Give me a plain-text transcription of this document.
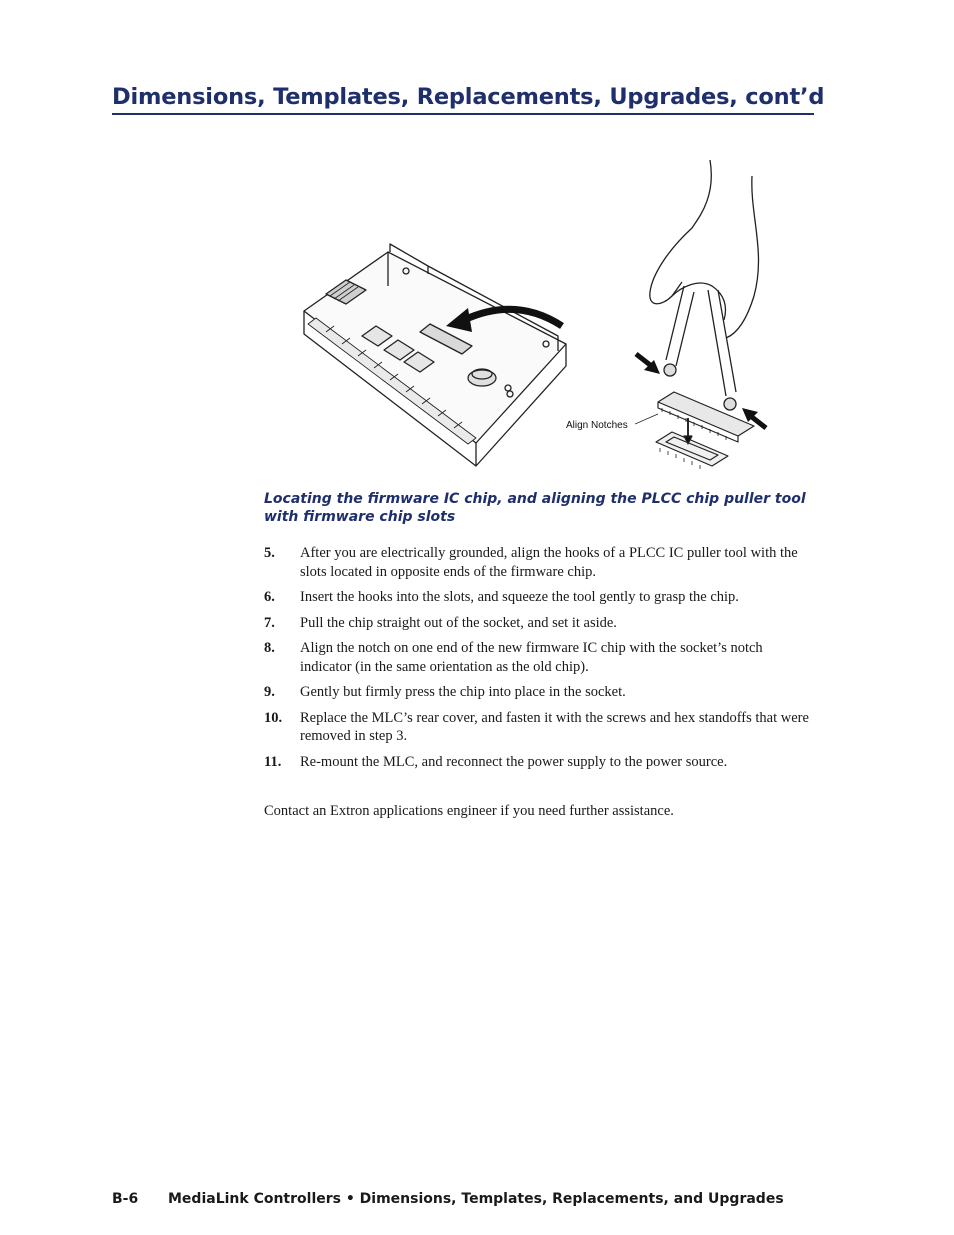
Dimensions, Templates, Replacements, Upgrades, cont’d
Align Notches
Locating the firmware IC chip, and aligning the PLCC chip puller tool with firmware chip slots
5.	After you are electrically grounded, align the hooks of a PLCC IC puller tool with the slots located in opposite ends of the firmware chip.
6.	Insert the hooks into the slots, and squeeze the tool gently to grasp the chip.
7.	Pull the chip straight out of the socket, and set it aside.
8.	Align the notch on one end of the new firmware IC chip with the socket’s notch indicator (in the same orientation as the old chip).
9.	Gently but firmly press the chip into place in the socket.
10.	Replace the MLC’s rear cover, and fasten it with the screws and hex standoffs that were removed in step 3.
11.	Re-mount the MLC, and reconnect the power supply to the power source.

Contact an Extron applications engineer if you need further assistance.

B-6 MediaLink Controllers • Dimensions, Templates, Replacements, and Upgrades
